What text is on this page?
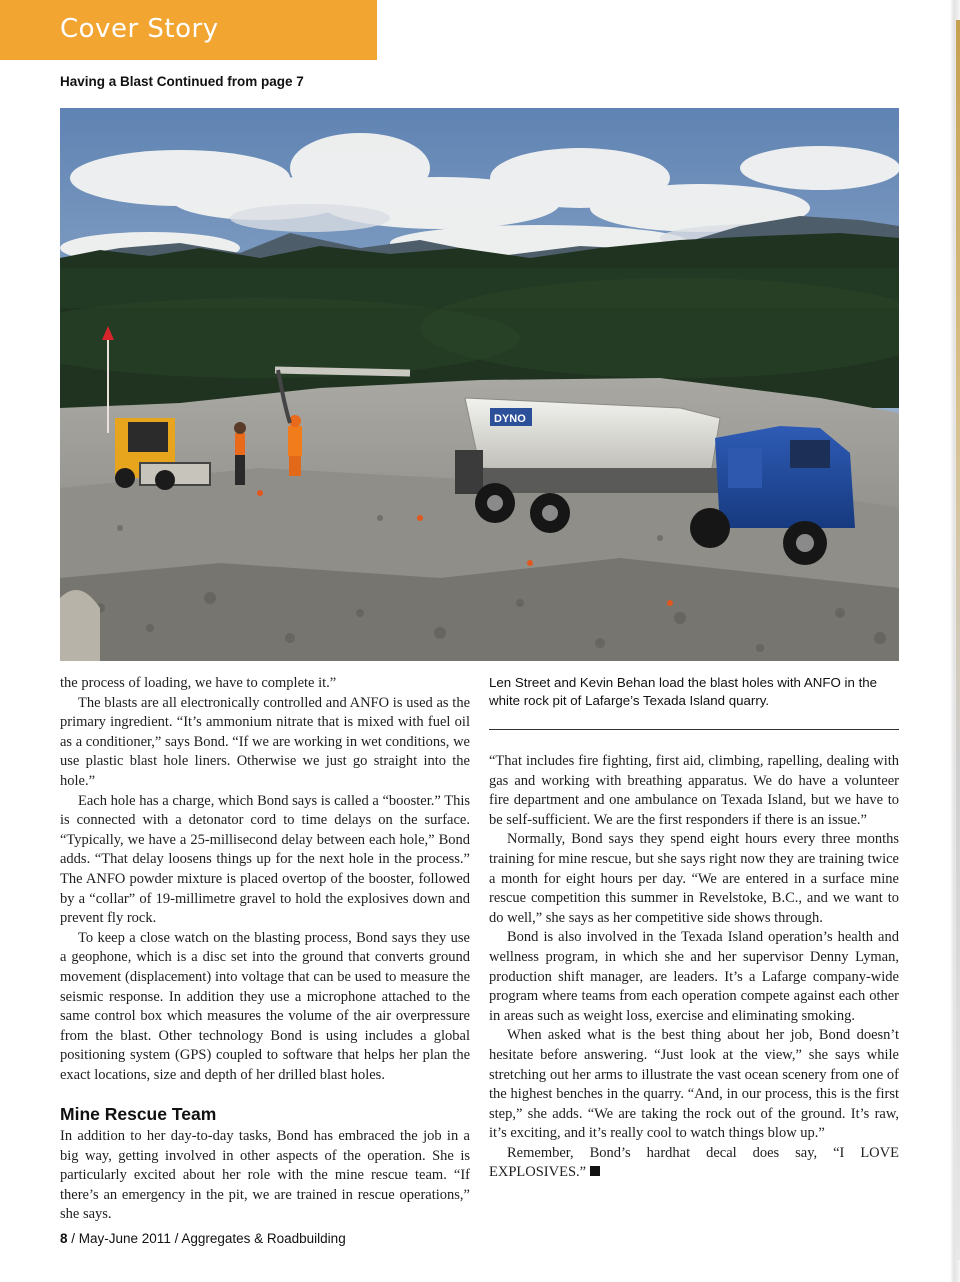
Cover Story
Having a Blast Continued from page 7
DYNO

the process of loading, we have to complete it.”

The blasts are all electronically controlled and ANFO is used as the primary ingredient. “It’s ammonium nitrate that is mixed with fuel oil as a conditioner,” says Bond. “If we are working in wet conditions, we use plastic blast hole liners. Otherwise we just go straight into the hole.”

Each hole has a charge, which Bond says is called a “booster.” This is connected with a detonator cord to time delays on the surface. “Typically, we have a 25-millisecond delay between each hole,” Bond adds. “That delay loosens things up for the next hole in the process.” The ANFO powder mixture is placed overtop of the booster, followed by a “collar” of 19-millimetre gravel to hold the explosives down and prevent fly rock.

To keep a close watch on the blasting process, Bond says they use a geophone, which is a disc set into the ground that converts ground movement (displacement) into voltage that can be used to measure the seismic response. In addition they use a microphone attached to the same control box which measures the volume of the air overpressure from the blast. Other technology Bond is using includes a global positioning system (GPS) coupled to software that helps her plan the exact locations, size and depth of her drilled blast holes.

Mine Rescue Team

In addition to her day-to-day tasks, Bond has embraced the job in a big way, getting involved in other aspects of the operation. She is particularly excited about her role with the mine rescue team. “If there’s an emergency in the pit, we are trained in rescue operations,” she says.

Len Street and Kevin Behan load the blast holes with ANFO in the white rock pit of Lafarge’s Texada Island quarry.

“That includes fire fighting, first aid, climbing, rapelling, dealing with gas and working with breathing apparatus. We do have a volunteer fire department and one ambulance on Texada Island, but we have to be self-sufficient. We are the first responders if there is an issue.”

Normally, Bond says they spend eight hours every three months training for mine rescue, but she says right now they are training twice a month for eight hours per day. “We are entered in a surface mine rescue competition this summer in Revelstoke, B.C., and we want to do well,” she says as her competitive side shows through.

Bond is also involved in the Texada Island operation’s health and wellness program, in which she and her supervisor Denny Lyman, production shift manager, are leaders. It’s a Lafarge company-wide program where teams from each operation compete against each other in areas such as weight loss, exercise and eliminating smoking.

When asked what is the best thing about her job, Bond doesn’t hesitate before answering. “Just look at the view,” she says while stretching out her arms to illustrate the vast ocean scenery from one of the highest benches in the quarry. “And, in our process, this is the first step,” she adds. “We are taking the rock out of the ground. It’s raw, it’s exciting, and it’s really cool to watch things blow up.”

Remember, Bond’s hardhat decal does say, “I LOVE EXPLOSIVES.”

8 / May-June 2011 / Aggregates & Roadbuilding
